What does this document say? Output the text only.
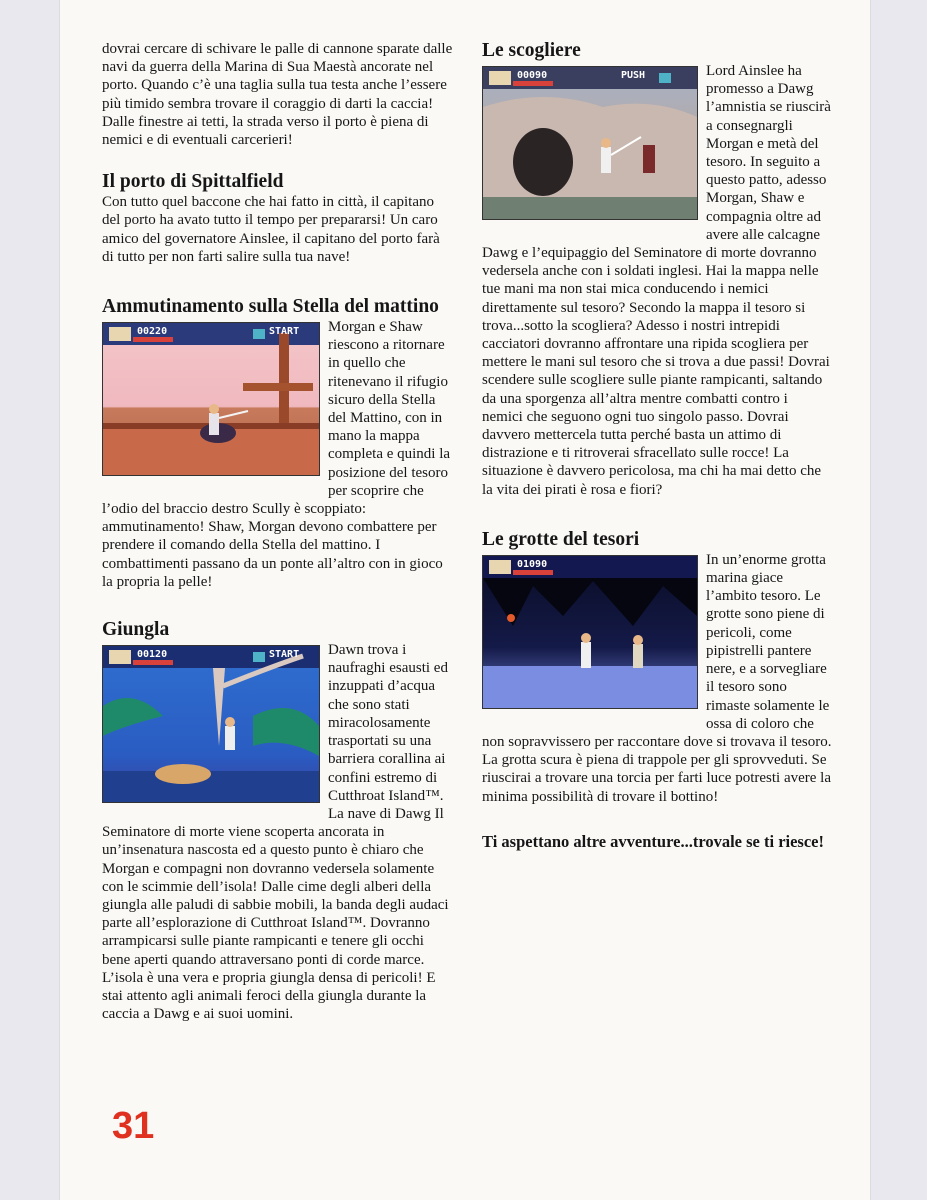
dovrai cercare di schivare le palle di cannone sparate dalle navi da guerra della Marina di Sua Maestà ancorate nel porto. Quando c’è una taglia sulla tua testa anche l’essere più timido sembra trovare il coraggio di darti la caccia! Dalle finestre ai tetti, la strada verso il porto è piena di nemici e di eventuali carcerieri!

Il porto di Spittalfield

Con tutto quel baccone che hai fatto in città, il capitano del porto ha avato tutto il tempo per prepararsi! Un caro amico del governatore Ainslee, il capitano del porto farà di tutto per non farti salire sulla tua nave!

Ammutinamento sulla Stella del mattino
00220	START	Morgan e Shaw riescono a ritornare in quello che ritenevano il rifugio sicuro della Stella del Mattino, con in mano la mappa completa e quindi la posizione del tesoro per scoprire che l’odio del braccio destro Scully è scoppiato: ammutinamento! Shaw, Morgan devono combattere per prendere il comando della Stella del mattino. I combattimenti passano da un ponte all’altro con in gioco la propria la pelle!

Giungla
00120	START	Dawn trova i naufraghi esausti ed inzuppati d’acqua che sono stati miracolosamente trasportati su una barriera corallina ai confini estremo di Cutthroat Island™. La nave di Dawg Il Seminatore di morte viene scoperta ancorata in un’insenatura nascosta ed a questo punto è chiaro che Morgan e compagni non dovranno vedersela solamente con le scimmie dell’isola! Dalle cime degli alberi della giungla alle paludi di sabbie mobili, la banda degli audaci parte all’esplorazione di Cutthroat Island™. Dovranno arrampicarsi sulle piante rampicanti e tenere gli occhi bene aperti quando attraversano ponti di corde marce. L’isola è una vera e propria giungla densa di pericoli! E stai attento agli animali feroci della giungla durante la caccia a Dawg e ai suoi uomini.

Le scogliere
00090	PUSH	Lord Ainslee ha promesso a Dawg l’amnistia se riuscirà a consegnargli Morgan e metà del tesoro. In seguito a questo patto, adesso Morgan, Shaw e compagnia oltre ad avere alle calcagne Dawg e l’equipaggio del Seminatore di morte dovranno vedersela anche con i soldati inglesi. Hai la mappa nelle tue mani ma non stai mica conducendo i nemici direttamente sul tesoro? Secondo la mappa il tesoro si trova...sotto la scogliera? Adesso i nostri intrepidi cacciatori dovranno affrontare una ripida scogliera per mettere le mani sul tesoro che si trova a due passi! Dovrai scendere sulle scogliere sulle piante rampicanti, saltando da una sporgenza all’altra mentre combatti contro i nemici che seguono ogni tuo singolo passo. Dovrai davvero mettercela tutta perché basta un attimo di distrazione e ti ritroverai sfracellato sulle rocce! La situazione è davvero pericolosa, ma chi ha mai detto che la vita dei pirati è rosa e fiori?

Le grotte del tesori
01090	In un’enorme grotta marina giace l’ambito tesoro. Le grotte sono piene di pericoli, come pipistrelli pantere nere, e a sorvegliare il tesoro sono rimaste solamente le ossa di coloro che non sopravvissero per raccontare dove si trovava il tesoro. La grotta scura è piena di trappole per gli sprovveduti. Se riuscirai a trovare una torcia per farti luce potresti avere la minima possibilità di trovare il bottino!

Ti aspettano altre avventure...trovale se ti riesce!

31
